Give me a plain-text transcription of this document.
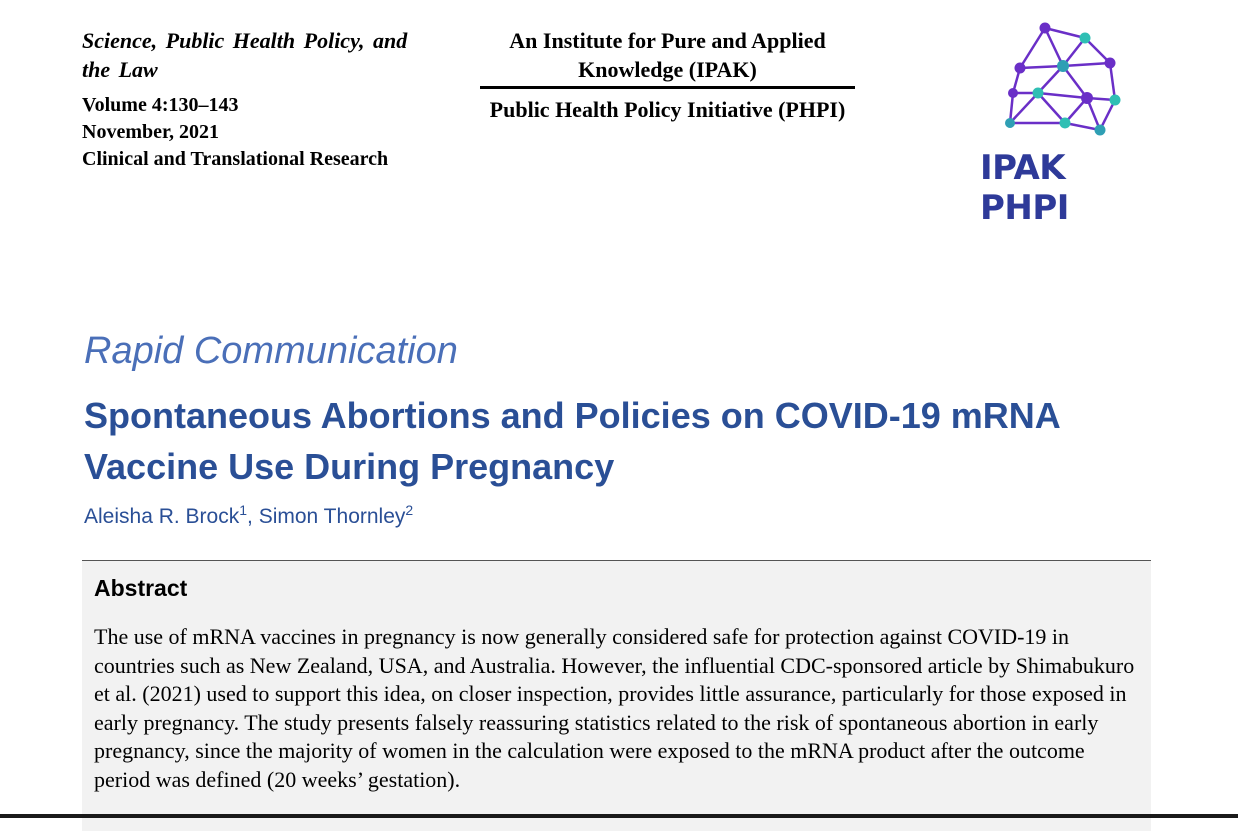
Science, Public Health Policy, and the Law
Volume 4:130–143
November, 2021
Clinical and Translational Research
An Institute for Pure and Applied Knowledge (IPAK)
Public Health Policy Initiative (PHPI)
IPAK PHPI
Rapid Communication
Spontaneous Abortions and Policies on COVID-19 mRNA Vaccine Use During Pregnancy
Aleisha R. Brock$^1$, Simon Thornley$^2$
Abstract
The use of mRNA vaccines in pregnancy is now generally considered safe for protection against COVID-19 in countries such as New Zealand, USA, and Australia. However, the influential CDC-sponsored article by Shimabukuro et al. (2021) used to support this idea, on closer inspection, provides little assurance, particularly for those exposed in early pregnancy. The study presents falsely reassuring statistics related to the risk of spontaneous abortion in early pregnancy, since the majority of women in the calculation were exposed to the mRNA product after the outcome period was defined (20 weeks’ gestation).
